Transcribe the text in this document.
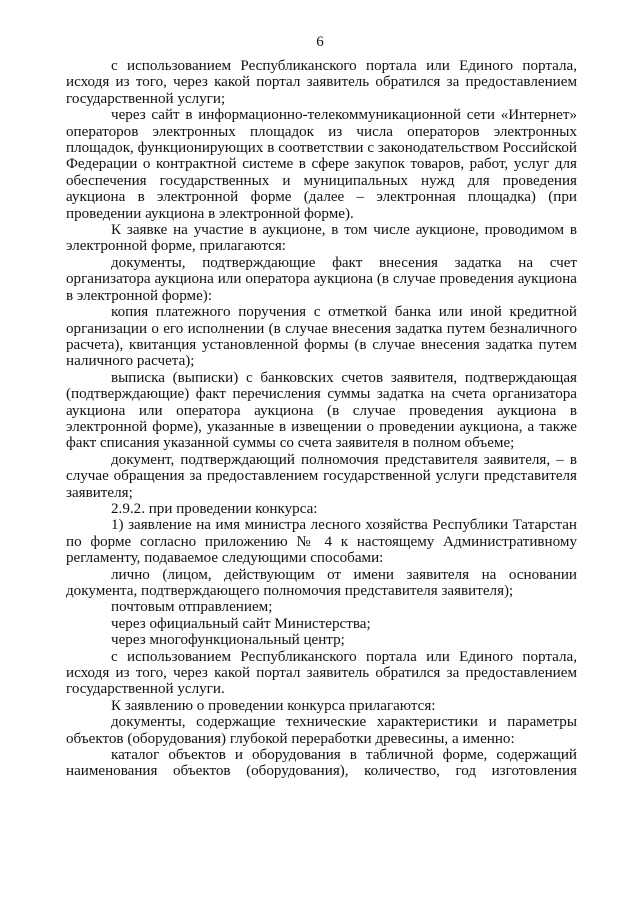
6

с использованием Республиканского портала или Единого портала, исходя из того, через какой портал заявитель обратился за предоставлением государственной услуги;

через сайт в информационно-телекоммуникационной сети «Интернет» операторов электронных площадок из числа операторов электронных площадок, функционирующих в соответствии с законодательством Российской Федерации о контрактной системе в сфере закупок товаров, работ, услуг для обеспечения государственных и муниципальных нужд для проведения аукциона в электронной форме (далее – электронная площадка) (при проведении аукциона в электронной форме).

К заявке на участие в аукционе, в том числе аукционе, проводимом в электронной форме, прилагаются:

документы, подтверждающие факт внесения задатка на счет организатора аукциона или оператора аукциона (в случае проведения аукциона в электронной форме):

копия платежного поручения с отметкой банка или иной кредитной организации о его исполнении (в случае внесения задатка путем безналичного расчета), квитанция установленной формы (в случае внесения задатка путем наличного расчета);

выписка (выписки) с банковских счетов заявителя, подтверждающая (подтверждающие) факт перечисления суммы задатка на счета организатора аукциона или оператора аукциона (в случае проведения аукциона в электронной форме), указанные в извещении о проведении аукциона, а также факт списания указанной суммы со счета заявителя в полном объеме;

документ, подтверждающий полномочия представителя заявителя, – в случае обращения за предоставлением государственной услуги представителя заявителя;

2.9.2. при проведении конкурса:

1) заявление на имя министра лесного хозяйства Республики Татарстан по форме согласно приложению № 4 к настоящему Административному регламенту, подаваемое следующими способами:

лично (лицом, действующим от имени заявителя на основании документа, подтверждающего полномочия представителя заявителя);

почтовым отправлением;

через официальный сайт Министерства;

через многофункциональный центр;

с использованием Республиканского портала или Единого портала, исходя из того, через какой портал заявитель обратился за предоставлением государственной услуги.

К заявлению о проведении конкурса прилагаются:

документы, содержащие технические характеристики и параметры объектов (оборудования) глубокой переработки древесины, а именно:

каталог объектов и оборудования в табличной форме, содержащий наименования объектов (оборудования), количество, год изготовления
